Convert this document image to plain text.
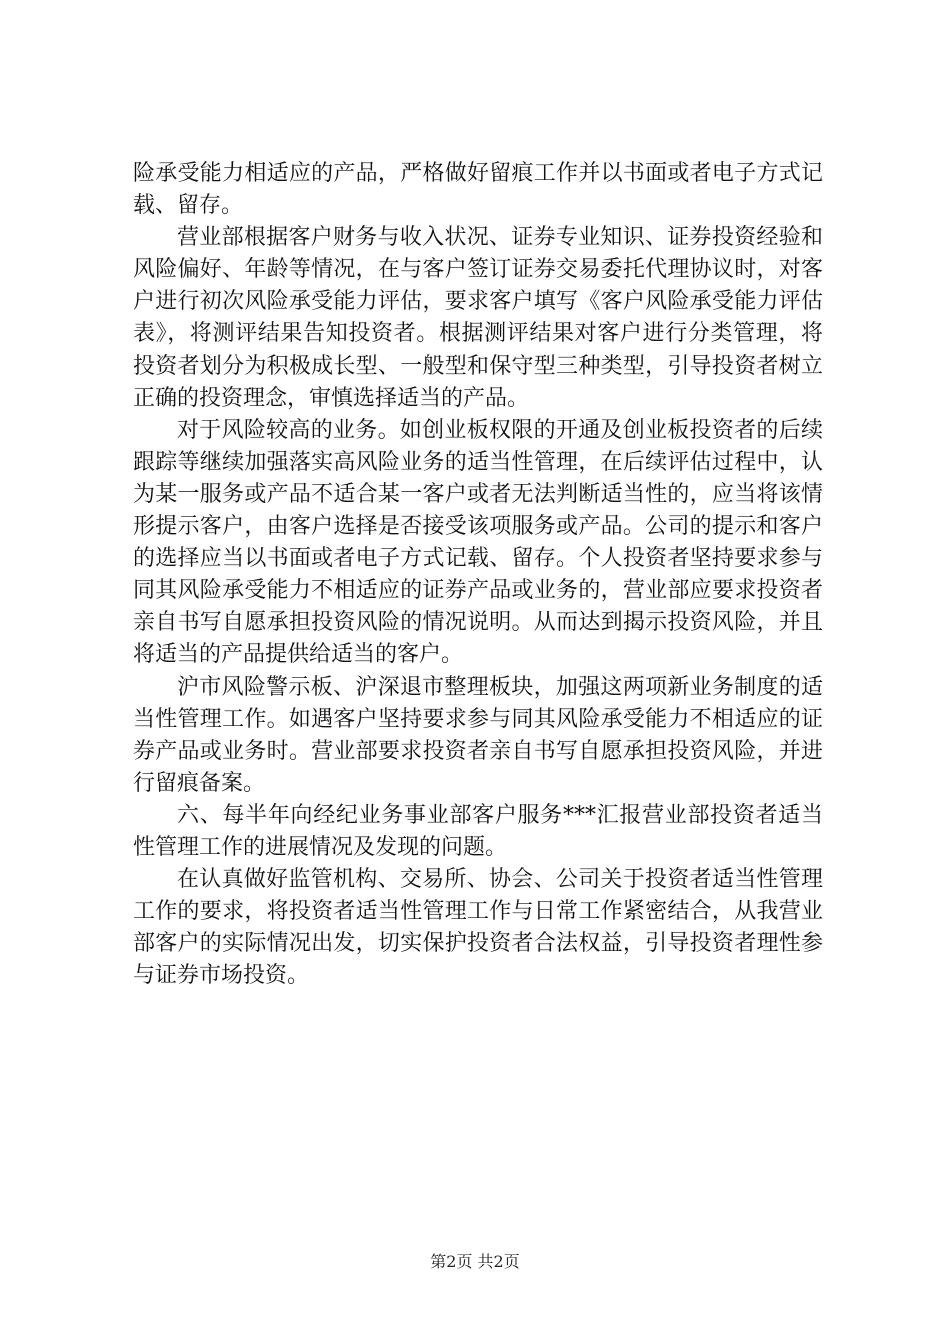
险承受能力相适应的产品，严格做好留痕工作并以书面或者电子方式记载、留存。

营业部根据客户财务与收入状况、证券专业知识、证券投资经验和风险偏好、年龄等情况，在与客户签订证券交易委托代理协议时，对客户进行初次风险承受能力评估，要求客户填写《客户风险承受能力评估表》，将测评结果告知投资者。根据测评结果对客户进行分类管理，将投资者划分为积极成长型、一般型和保守型三种类型，引导投资者树立正确的投资理念，审慎选择适当的产品。

对于风险较高的业务。如创业板权限的开通及创业板投资者的后续跟踪等继续加强落实高风险业务的适当性管理，在后续评估过程中，认为某一服务或产品不适合某一客户或者无法判断适当性的，应当将该情形提示客户，由客户选择是否接受该项服务或产品。公司的提示和客户的选择应当以书面或者电子方式记载、留存。个人投资者坚持要求参与同其风险承受能力不相适应的证券产品或业务的，营业部应要求投资者亲自书写自愿承担投资风险的情况说明。从而达到揭示投资风险，并且将适当的产品提供给适当的客户。

沪市风险警示板、沪深退市整理板块，加强这两项新业务制度的适当性管理工作。如遇客户坚持要求参与同其风险承受能力不相适应的证券产品或业务时。营业部要求投资者亲自书写自愿承担投资风险，并进行留痕备案。

六、每半年向经纪业务事业部客户服务***汇报营业部投资者适当性管理工作的进展情况及发现的问题。

在认真做好监管机构、交易所、协会、公司关于投资者适当性管理工作的要求，将投资者适当性管理工作与日常工作紧密结合，从我营业部客户的实际情况出发，切实保护投资者合法权益，引导投资者理性参与证券市场投资。

第2页 共2页
